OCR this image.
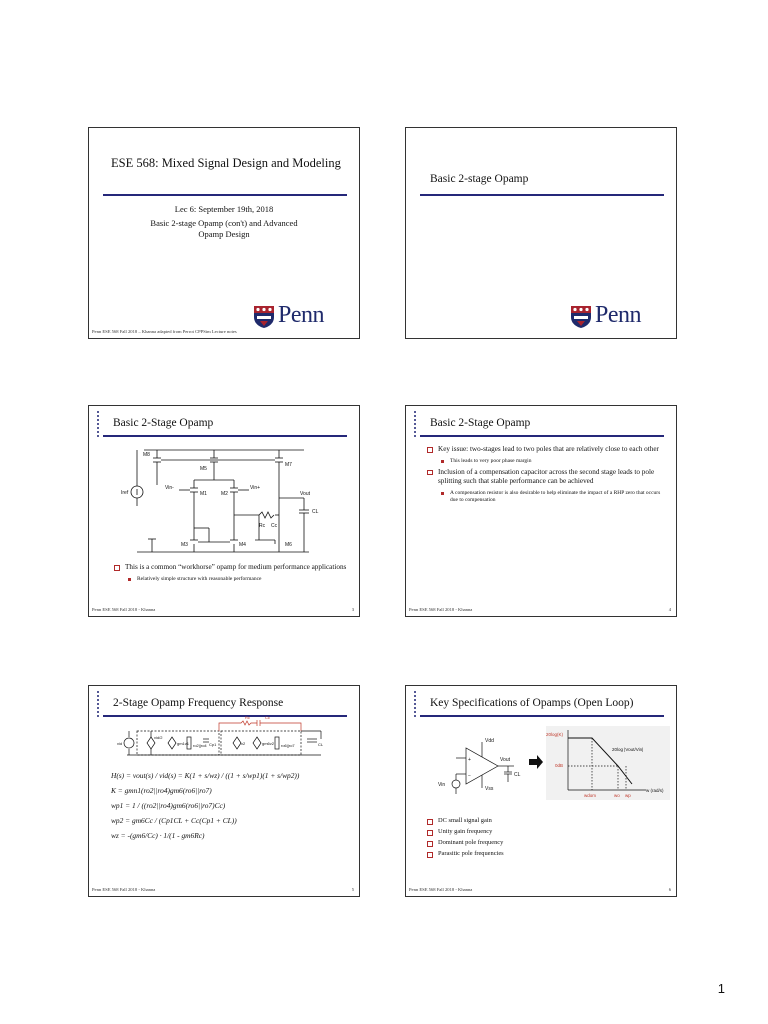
ESE 568: Mixed Signal Design and Modeling
Lec 6: September 19th, 2018
Basic 2-stage Opamp (con't) and Advanced
Opamp Design
Penn ESE 568 Fall 2018 – Khanna adapted from Perrot CPPSim Lecture notes
Penn
Basic 2-stage Opamp
Penn
Basic 2-Stage Opamp
M8
M5
M7
Iref
Vin-	Vin+
M1	M2	Vout
CL
Rc Cc
M3	M4	M6
This is a common “workhorse” opamp for medium performance applications
Relatively simple structure with reasonable performance
Penn ESE 568 Fall 2018 - Khanna	3
Basic 2-Stage Opamp
Key issue: two-stages lead to two poles that are relatively close to each other
This leads to very poor phase margin
Inclusion of a compensation capacitor across the second stage leads to pole splitting such that stable performance can be achieved
A compensation resistor is also desirable to help eliminate the impact of a RHP zero that occurs due to compensation
Penn ESE 568 Fall 2018 - Khanna	4
2-Stage Opamp Frequency Response
Rc	Cc
vid
vid/2
gm1v1 ro2||ro4 Cp1	v2	gm6v2 ro6||ro7	CL
H(s) = vout(s) / vid(s) = K(1 + s/wz) / ((1 + s/wp1)(1 + s/wp2))
K = gmn1(ro2||ro4)gm6(ro6||ro7)
wp1 = 1 / ((ro2||ro4)gm6(ro6||ro7)Cc)
wp2 = gm6Cc / (Cp1CL + Cc(Cp1 + CL))
wz = -(gm6/Cc) · 1/(1 - gm6Rc)
Penn ESE 568 Fall 2018 - Khanna	5
Key Specifications of Opamps (Open Loop)
+
−
Vdd
Vout
Vss
CL
Vin
20log(K)
0dB
20log |Vout/Vin|
w (rad/s)
wdom	wo wp
DC small signal gain
Unity gain frequency
Dominant pole frequency
Parasitic pole frequencies
Penn ESE 568 Fall 2018 - Khanna	6
1
